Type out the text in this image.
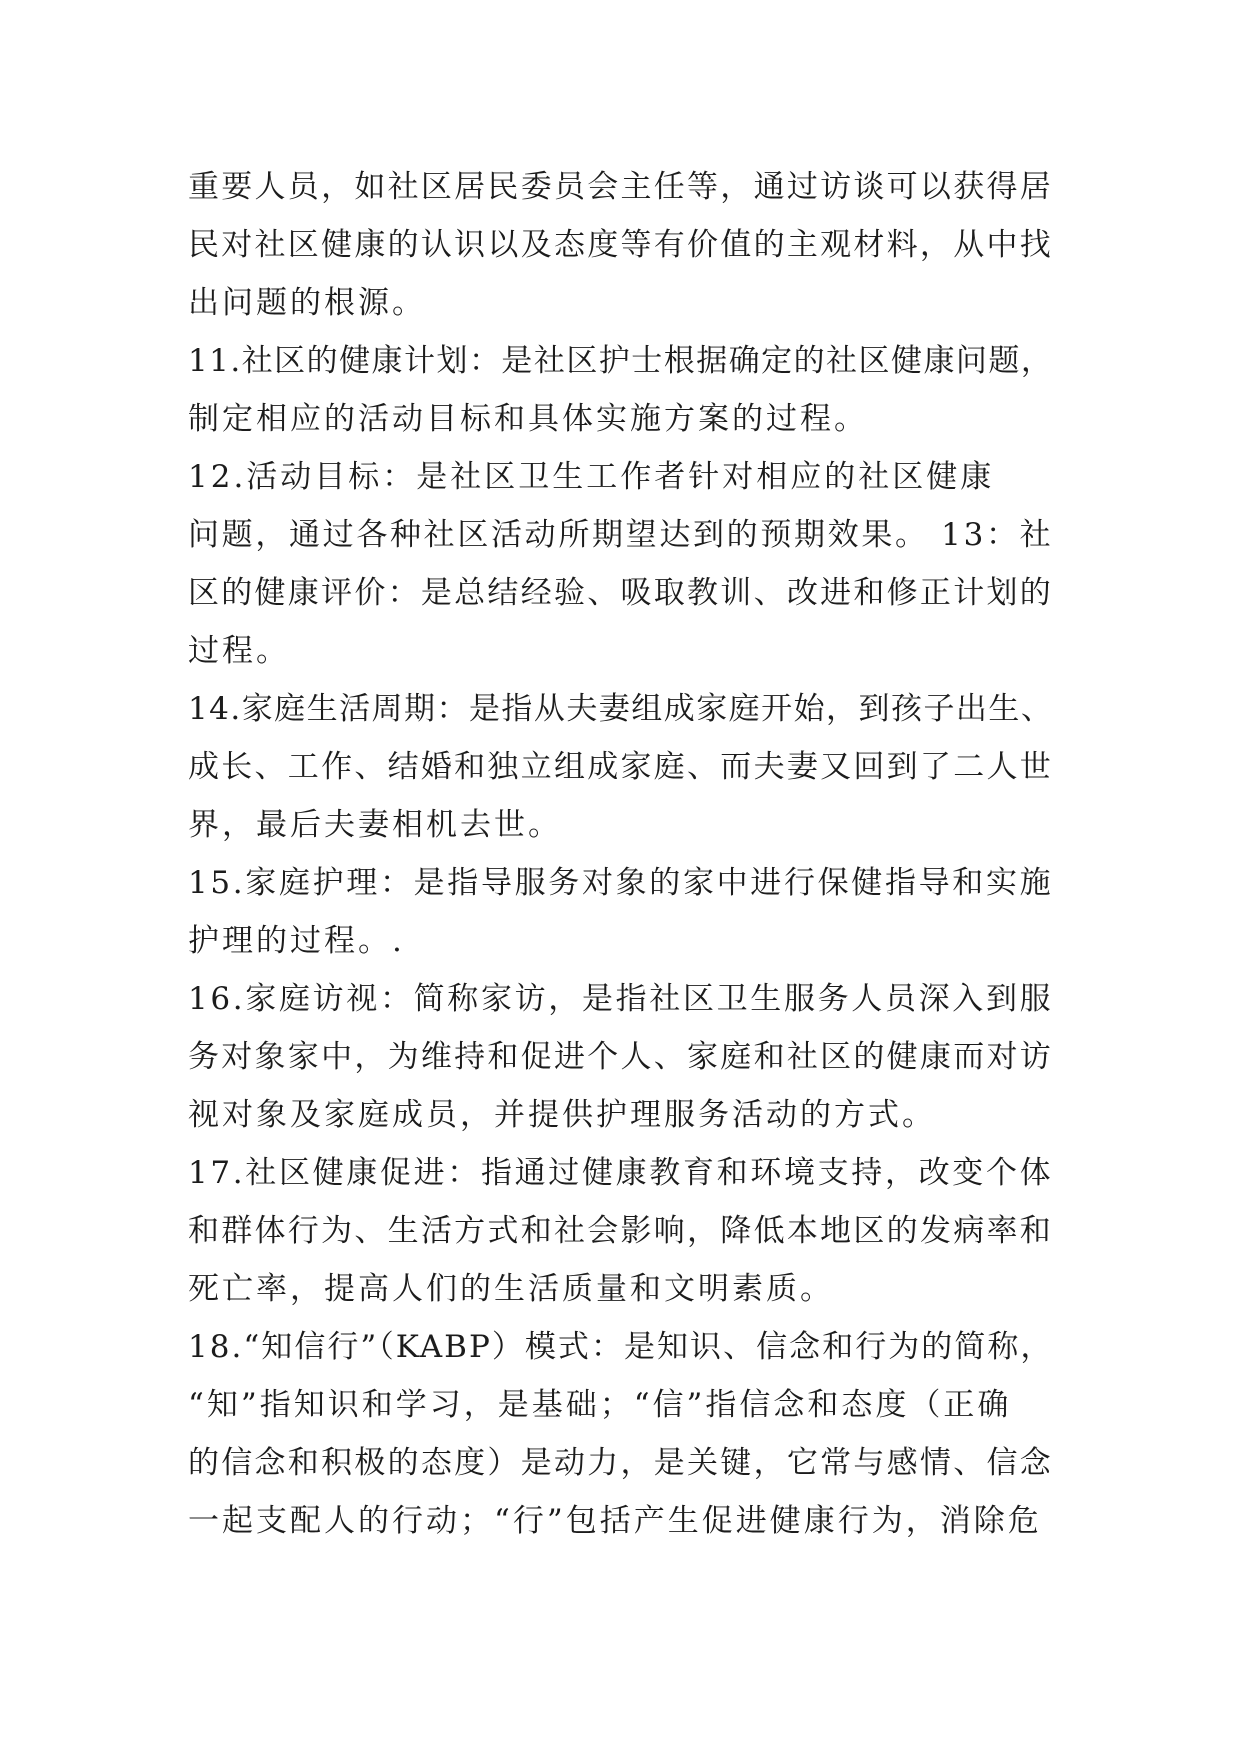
重要人员，如社区居民委员会主任等，通过访谈可以获得居

民对社区健康的认识以及态度等有价值的主观材料，从中找

出问题的根源。

11.社区的健康计划：是社区护士根据确定的社区健康问题，

制定相应的活动目标和具体实施方案的过程。

12.活动目标：是社区卫生工作者针对相应的社区健康

问题，通过各种社区活动所期望达到的预期效果。 13：社

区的健康评价：是总结经验、吸取教训、改进和修正计划的

过程。

14.家庭生活周期：是指从夫妻组成家庭开始，到孩子出生、

成长、工作、结婚和独立组成家庭、而夫妻又回到了二人世

界，最后夫妻相机去世。

15.家庭护理：是指导服务对象的家中进行保健指导和实施

护理的过程。.

16.家庭访视：简称家访，是指社区卫生服务人员深入到服

务对象家中，为维持和促进个人、家庭和社区的健康而对访

视对象及家庭成员，并提供护理服务活动的方式。

17.社区健康促进：指通过健康教育和环境支持，改变个体

和群体行为、生活方式和社会影响，降低本地区的发病率和

死亡率，提高人们的生活质量和文明素质。

18.“知信行”（KABP）模式：是知识、信念和行为的简称，

“知”指知识和学习，是基础；“信”指信念和态度（正确

的信念和积极的态度）是动力，是关键，它常与感情、信念

一起支配人的行动；“行”包括产生促进健康行为，消除危
